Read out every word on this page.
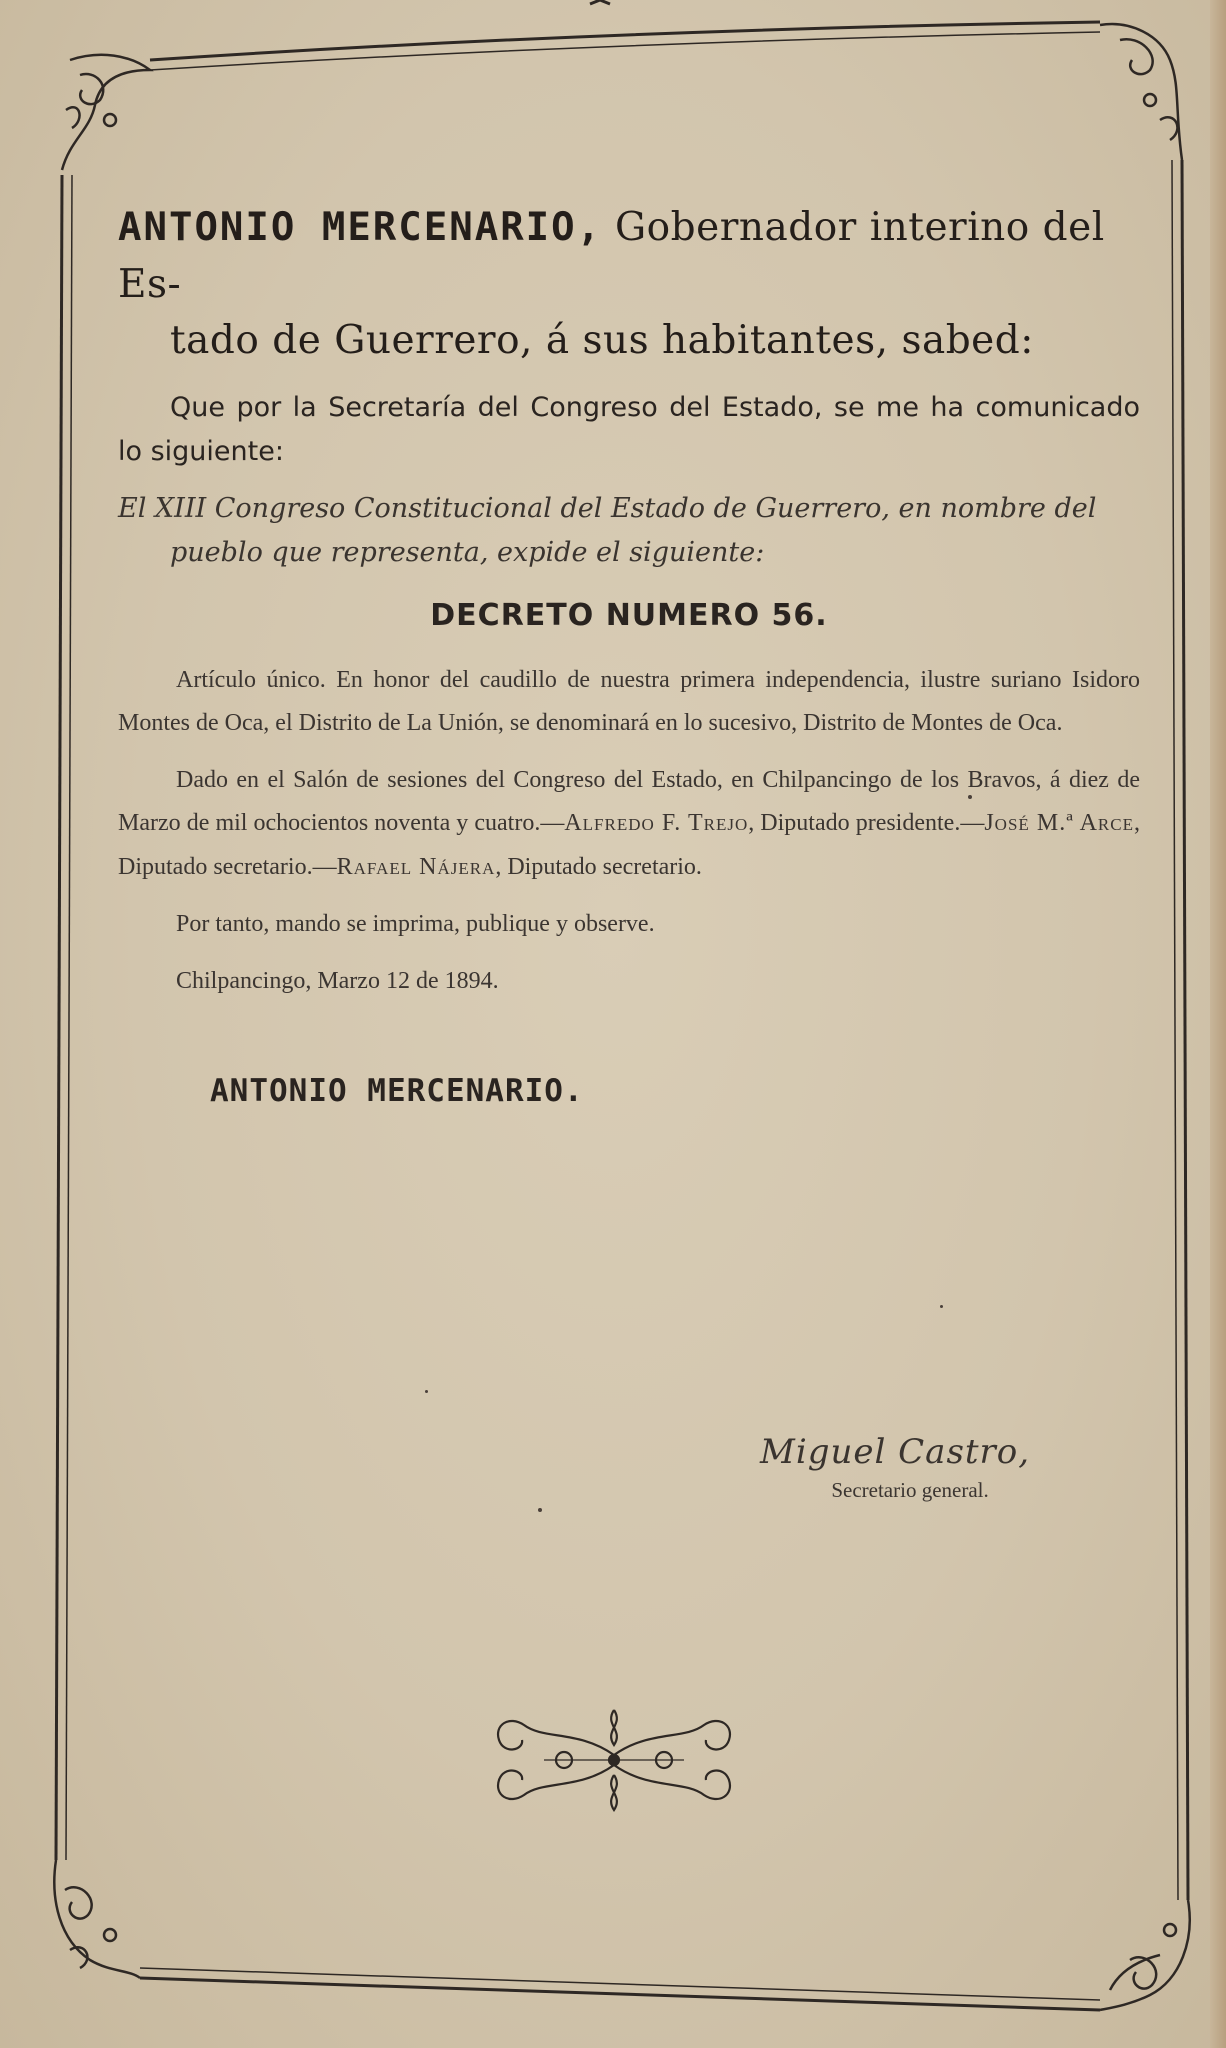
ANTONIO MERCENARIO, Gobernador interino del Es-
tado de Guerrero, á sus habitantes, sabed:

Que por la Secretaría del Congreso del Estado, se me ha comunicado lo siguiente:

El XIII Congreso Constitucional del Estado de Guerrero, en nombre del
pueblo que representa, expide el siguiente:

DECRETO NUMERO 56.

Artículo único. En honor del caudillo de nuestra primera independencia, ilustre suriano Isidoro Montes de Oca, el Distrito de La Unión, se denominará en lo sucesivo, Distrito de Montes de Oca.

Dado en el Salón de sesiones del Congreso del Estado, en Chilpancingo de los Bravos, á diez de Marzo de mil ochocientos noventa y cuatro.—Alfredo F. Trejo, Diputado presidente.—José M.ª Arce, Diputado secretario.—Rafael Nájera, Diputado secretario.

Por tanto, mando se imprima, publique y observe.

Chilpancingo, Marzo 12 de 1894.

ANTONIO MERCENARIO.
Miguel Castro,
Secretario general.
